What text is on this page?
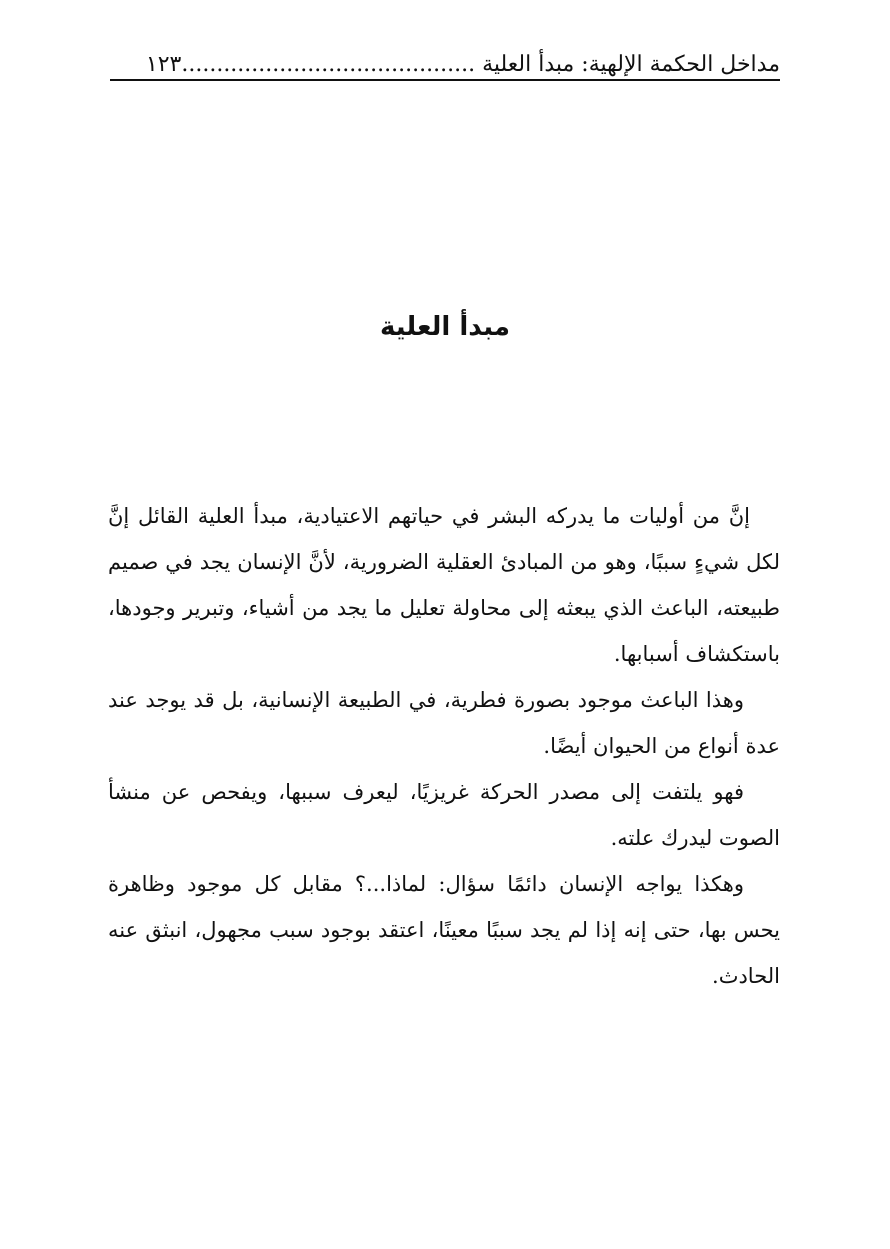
مداخل الحكمة الإلهية: مبدأ العلية ..........................................١٢٣
مبدأ العلية

إنَّ من أوليات ما يدركه البشر في حياتهم الاعتيادية، مبدأ العلية القائل إنَّ لكل شيءٍ سببًا، وهو من المبادئ العقلية الضرورية، لأنَّ الإنسان يجد في صميم طبيعته، الباعث الذي يبعثه إلى محاولة تعليل ما يجد من أشياء، وتبرير وجودها، باستكشاف أسبابها.

وهذا الباعث موجود بصورة فطرية، في الطبيعة الإنسانية، بل قد يوجد عند عدة أنواع من الحيوان أيضًا.

فهو يلتفت إلى مصدر الحركة غريزيًا، ليعرف سببها، ويفحص عن منشأ الصوت ليدرك علته.

وهكذا يواجه الإنسان دائمًا سؤال: لماذا...؟ مقابل كل موجود وظاهرة يحس بها، حتى إنه إذا لم يجد سببًا معينًا، اعتقد بوجود سبب مجهول، انبثق عنه الحادث.
